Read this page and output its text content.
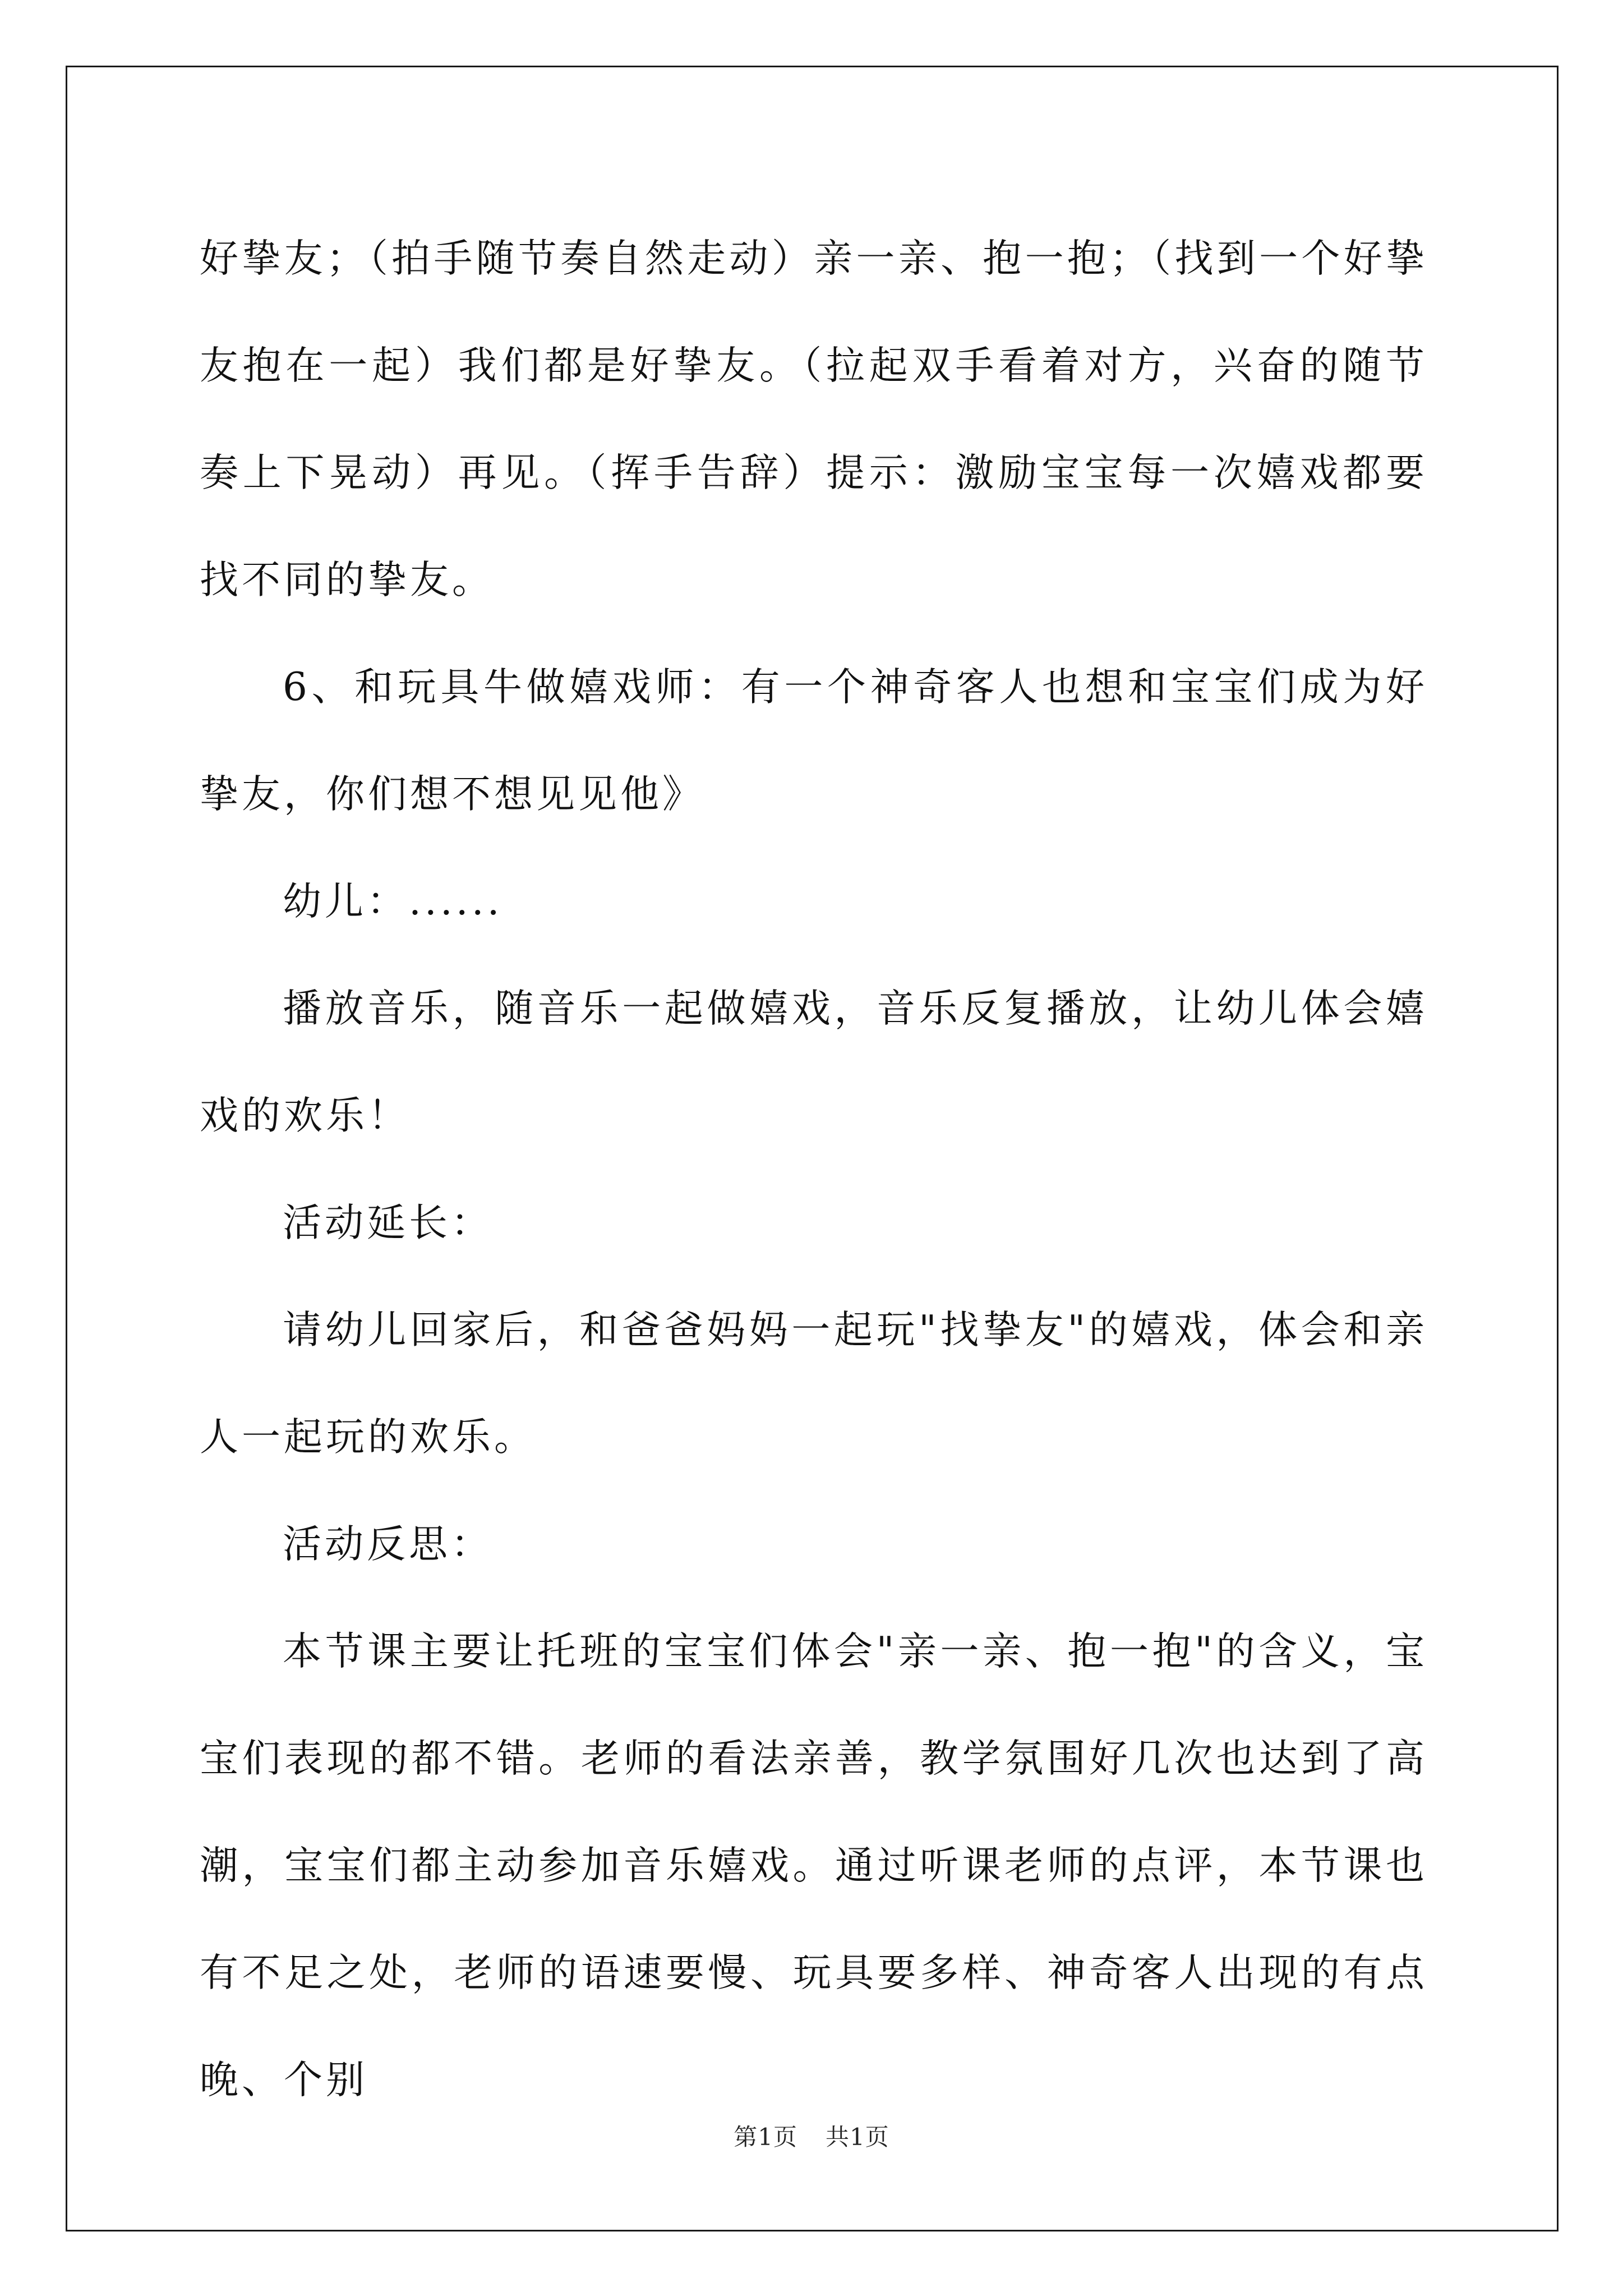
好挚友；（拍手随节奏自然走动）亲一亲、抱一抱；（找到一个好挚友抱在一起）我们都是好挚友。（拉起双手看着对方，兴奋的随节奏上下晃动）再见。（挥手告辞）提示：激励宝宝每一次嬉戏都要找不同的挚友。

6、和玩具牛做嬉戏师：有一个神奇客人也想和宝宝们成为好挚友，你们想不想见见他》

幼儿：......

播放音乐，随音乐一起做嬉戏，音乐反复播放，让幼儿体会嬉戏的欢乐！

活动延长：

请幼儿回家后，和爸爸妈妈一起玩"找挚友"的嬉戏，体会和亲人一起玩的欢乐。

活动反思：

本节课主要让托班的宝宝们体会"亲一亲、抱一抱"的含义，宝宝们表现的都不错。老师的看法亲善，教学氛围好几次也达到了高潮，宝宝们都主动参加音乐嬉戏。通过听课老师的点评，本节课也有不足之处，老师的语速要慢、玩具要多样、神奇客人出现的有点晚、个别

第1页 共1页
